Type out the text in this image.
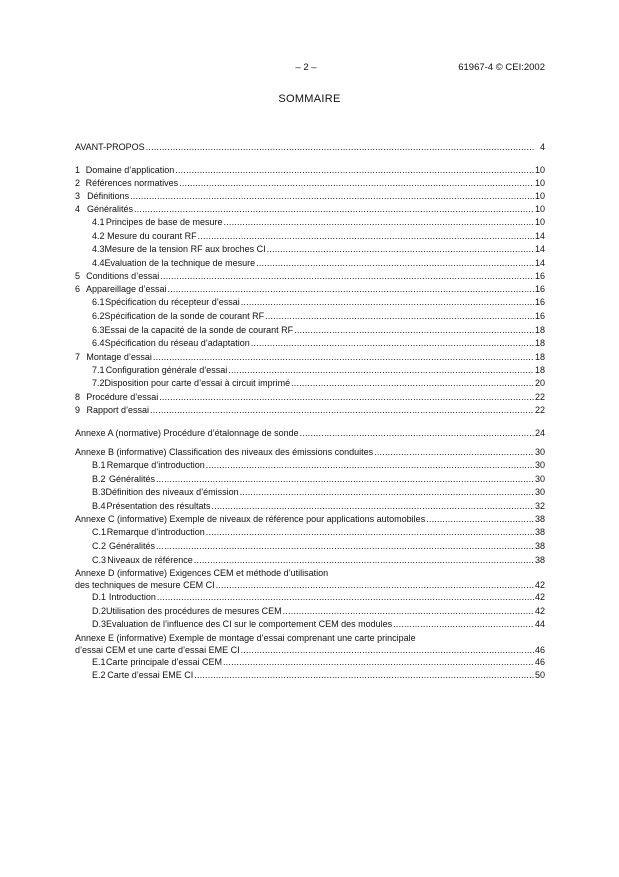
– 2 –	61967-4 © CEI:2002
SOMMAIRE
AVANT-PROPOS .....	4
1 Domaine d’application .....	10
2 Références normatives .....	10
3 Définitions .....	10
4 Généralités .....	10
4.1 Principes de base de mesure .....	10
4.2 Mesure du courant RF .....	14
4.3 Mesure de la tension RF aux broches CI .....	14
4.4 Evaluation de la technique de mesure .....	14
5 Conditions d’essai .....	16
6 Appareillage d’essai .....	16
6.1 Spécification du récepteur d’essai .....	16
6.2 Spécification de la sonde de courant RF .....	16
6.3 Essai de la capacité de la sonde de courant RF .....	18
6.4 Spécification du réseau d’adaptation .....	18
7 Montage d’essai .....	18
7.1 Configuration générale d’essai .....	18
7.2 Disposition pour carte d’essai à circuit imprimé .....	20
8 Procédure d’essai .....	22
9 Rapport d’essai .....	22
Annexe A (normative) Procédure d’étalonnage de sonde .....	24
Annexe B (informative) Classification des niveaux des émissions conduites .....	30
B.1 Remarque d’introduction .....	30
B.2 Généralités .....	30
B.3 Définition des niveaux d’émission .....	30
B.4 Présentation des résultats .....	32
Annexe C (informative) Exemple de niveaux de référence pour applications automobiles .....	38
C.1 Remarque d’introduction .....	38
C.2 Généralités .....	38
C.3 Niveaux de référence .....	38
Annexe D (informative) Exigences CEM et méthode d’utilisation
des techniques de mesure CEM CI .....	42
D.1 Introduction .....	42
D.2 Utilisation des procédures de mesures CEM .....	42
D.3 Evaluation de l’influence des CI sur le comportement CEM des modules .....	44
Annexe E (informative) Exemple de montage d’essai comprenant une carte principale
d’essai CEM et une carte d’essai EME CI .....	46
E.1 Carte principale d’essai CEM .....	46
E.2 Carte d’essai EME CI .....	50
